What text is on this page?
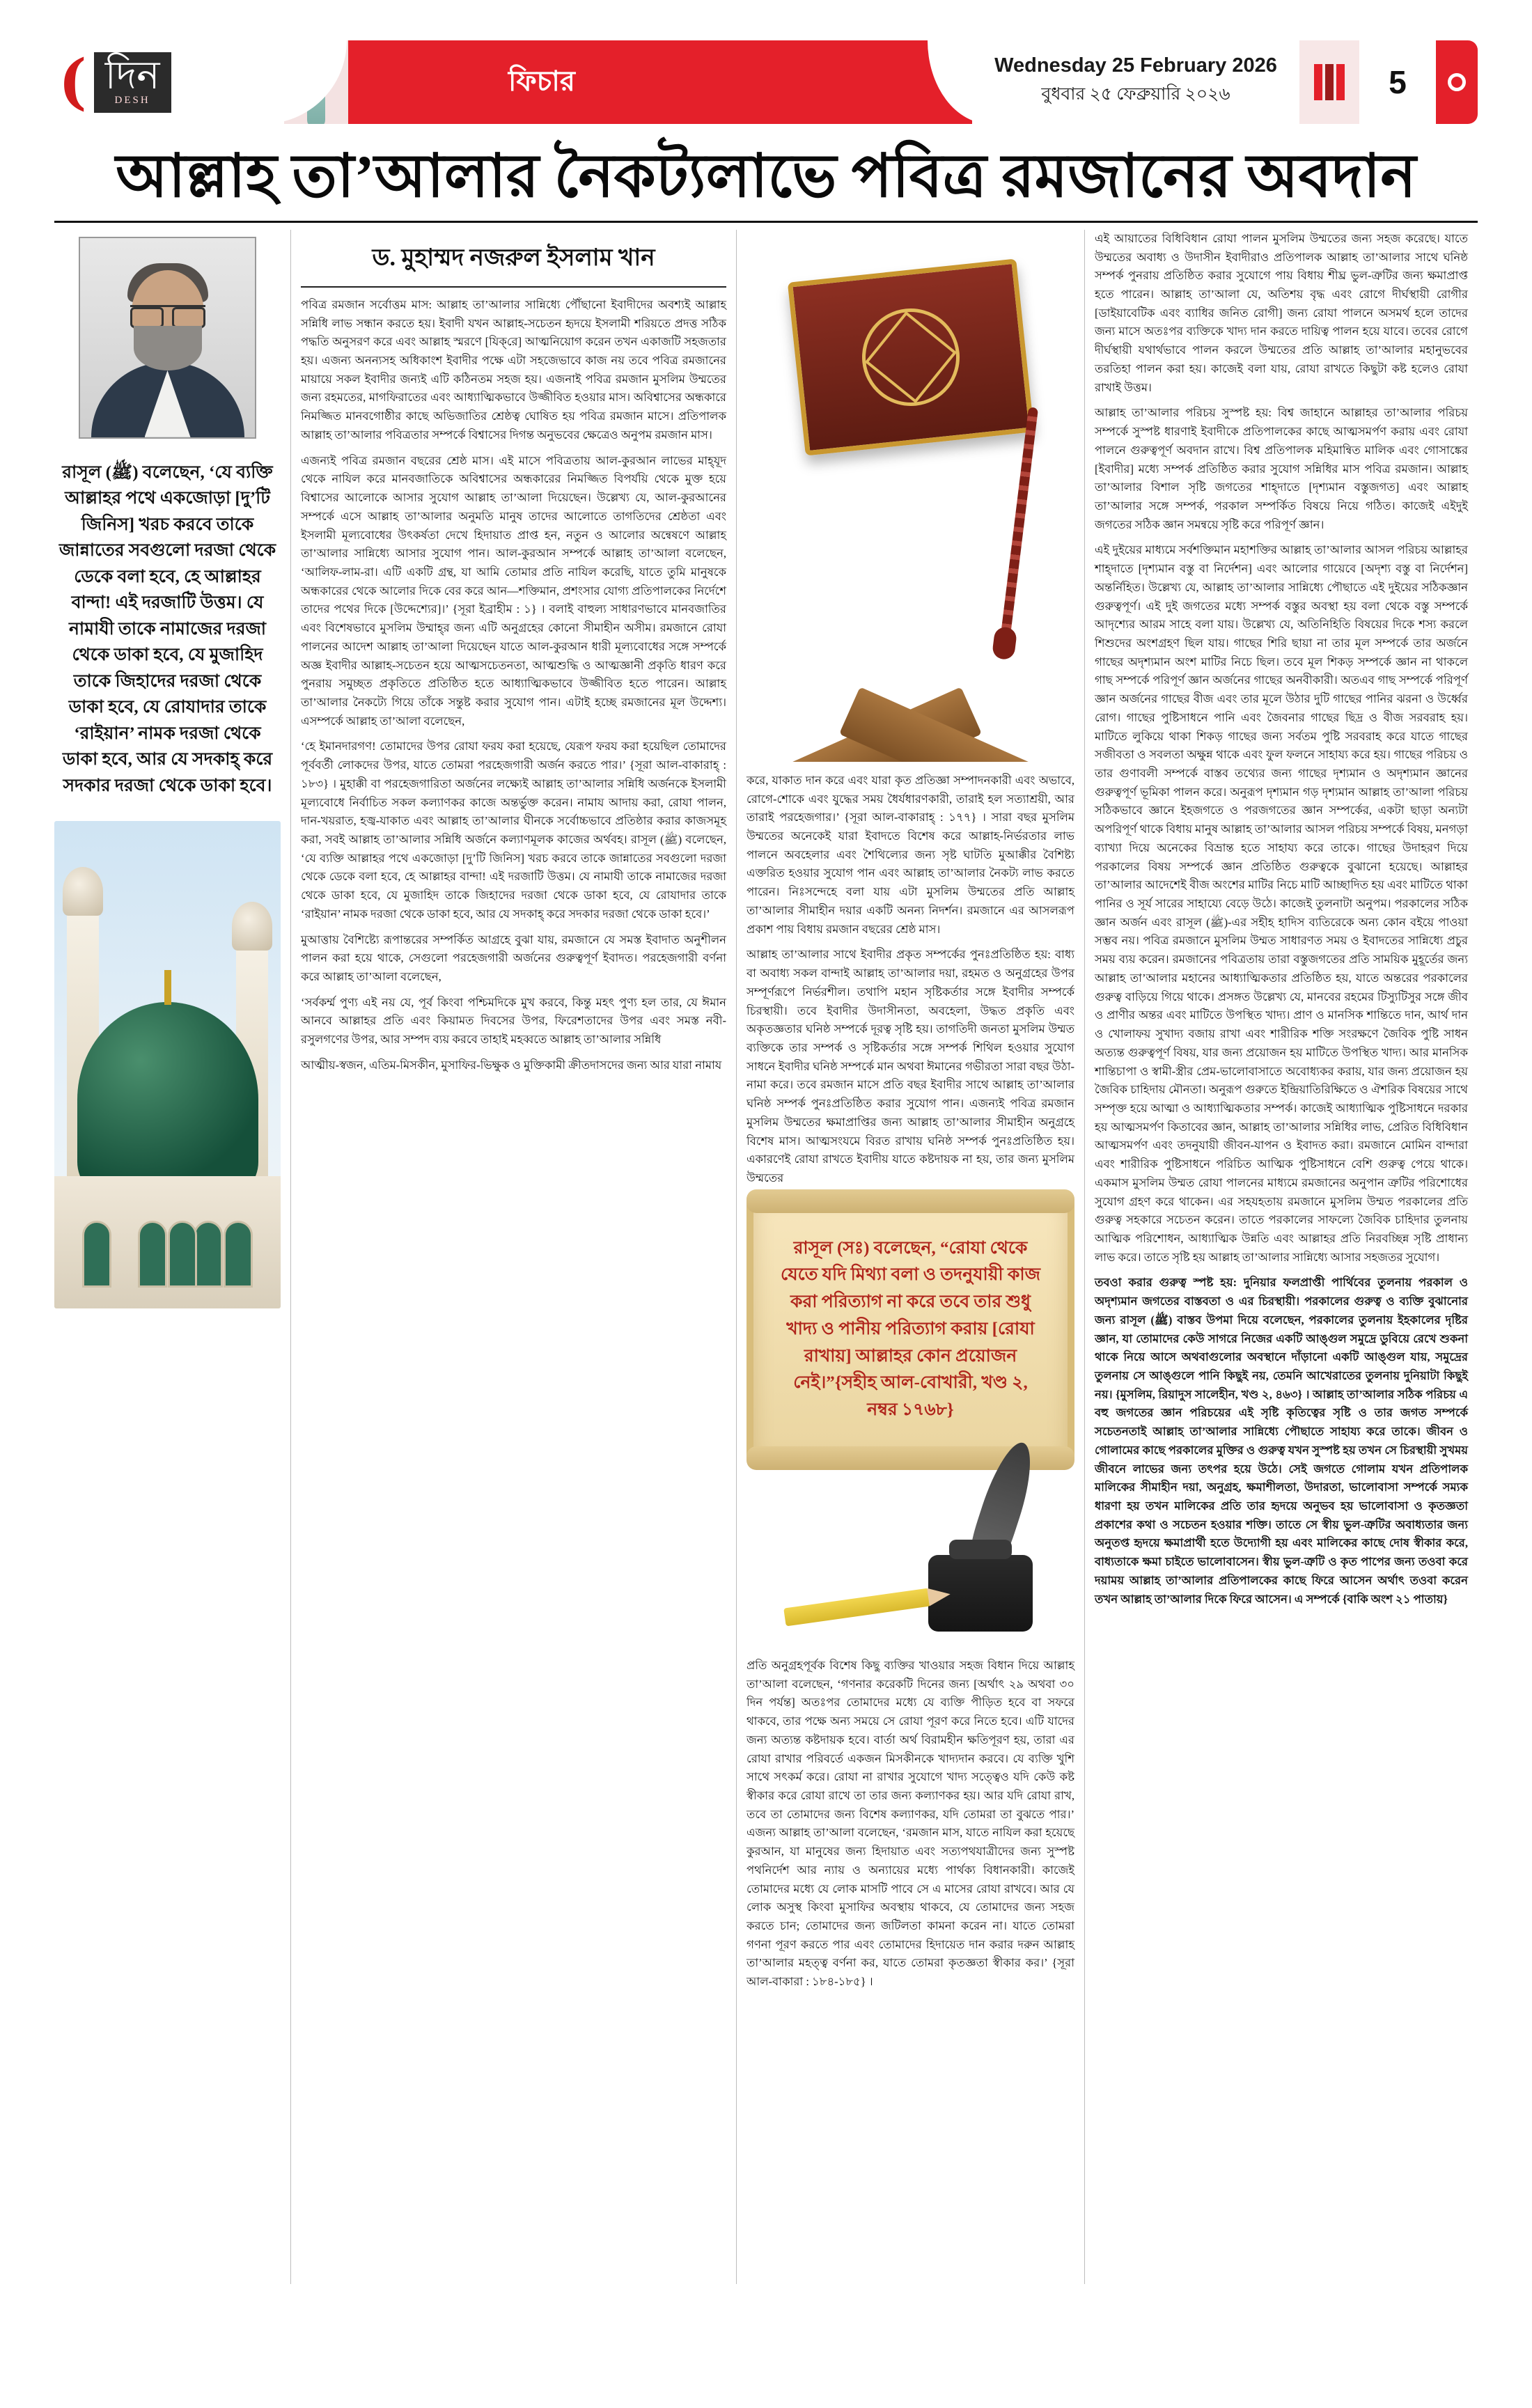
( দিন
DESH
ফিচার
Wednesday 25 February 2026
বুধবার ২৫ ফেব্রুয়ারি ২০২৬	5
আল্লাহ তা’আলার নৈকট্যলাভে পবিত্র রমজানের অবদান
রাসূল (ﷺ) বলেছেন, ‘যে ব্যক্তি আল্লাহর পথে একজোড়া [দু’টি জিনিস] খরচ করবে তাকে জান্নাতের সবগুলো দরজা থেকে ডেকে বলা হবে, হে আল্লাহর বান্দা! এই দরজাটি উত্তম। যে নামাযী তাকে নামাজের দরজা থেকে ডাকা হবে, যে মুজাহিদ তাকে জিহাদের দরজা থেকে ডাকা হবে, যে রোযাদার তাকে ‘রাইয়ান’ নামক দরজা থেকে ডাকা হবে, আর যে সদকাহ্ করে সদকার দরজা থেকে ডাকা হবে।
ড. মুহাম্মদ নজরুল ইসলাম খান

পবিত্র রমজান সর্বোত্তম মাস: আল্লাহ তা’আলার সান্নিধ্যে পৌঁছানো ইবাদীদের অবশ্যই আল্লাহ সন্নিধি লাভ সন্ধান করতে হয়। ইবাদী যখন আল্লাহ-সচেতন হৃদয়ে ইসলামী শরিয়তে প্রদত্ত সঠিক পদ্ধতি অনুসরণ করে এবং আল্লাহ স্মরণে [যিক্‌রে] আত্মনিয়োগ করেন তখন একাজটি সহজতার হয়। এজন্য অনন্যসহ অধিকাংশ ইবাদীর পক্ষে এটা সহজেভাবে কাজ নয় তবে পবিত্র রমজানের মায়ায়ে সকল ইবাদীর জন্যই এটি কঠিনতম সহজ হয়। এজনাই পবিত্র রমজান মুসলিম উম্মতের জন্য রহমতের, মাগফিরাতের এবং আধ্যাত্মিকভাবে উজ্জীবিত হওয়ার মাস। অবিশ্বাসের অন্ধকারে নিমজ্জিত মানবগোষ্ঠীর কাছে অভিজাতির শ্রেষ্ঠত্ব ঘোষিত হয় পবিত্র রমজান মাসে। প্রতিপালক আল্লাহ তা’আলার পবিত্রতার সম্পর্কে বিশ্বাসের দিগন্ত অনুভবের ক্ষেত্রেও অনুপম রমজান মাস।

এজন্যই পবিত্র রমজান বছরের শ্রেষ্ঠ মাস। এই মাসে পবিত্রতায় আল-কুরআন লাভের মাহ্‌যূদ থেকে নাযিল করে মানবজাতিকে অবিশ্বাসের অন্ধকারের নিমজ্জিত বিপর্যয়ি থেকে মুক্ত হয়ে বিশ্বাসের আলোকে আসার সুযোগ আল্লাহ তা’আলা দিয়েছেন। উল্লেখ্য যে, আল-কুরআনের সম্পর্কে এসে আল্লাহ তা’আলার অনুমতি মানুষ তাদের আলোতে তাগতিদের শ্রেষ্ঠতা এবং ইসলামী মূল্যবোধের উৎকর্ষতা দেখে হিদায়াত প্রাপ্ত হন, নতুন ও আলোর অন্বেষণে আল্লাহ তা’আলার সান্নিধ্যে আসার সুযোগ পান। আল-কুরআন সম্পর্কে আল্লাহ তা’আলা বলেছেন, ‘আলিফ-লাম-রা। এটি একটি গ্রন্থ, যা আমি তোমার প্রতি নাযিল করেছি, যাতে তুমি মানুষকে অন্ধকারের থেকে আলোর দিকে বের করে আন—শক্তিমান, প্রশংসার যোগ্য প্রতিপালকের নির্দেশে তাদের পথের দিকে [উদ্দেশ্যের]।’ {সূরা ইব্রাহীম : ১} । বলাই বাহুল্য সাধারণভাবে মানবজাতির এবং বিশেষভাবে মুসলিম উম্মাহ্‌র জন্য এটি অনুগ্রহের কোনো সীমাহীন অসীম। রমজানে রোযা পালনের আদেশ আল্লাহ তা’আলা দিয়েছেন যাতে আল-কুরআন ধারী মূল্যবোধের সঙ্গে সম্পর্কে অজ্ঞ ইবাদীর আল্লাহ-সচেতন হয়ে আত্মসচেতনতা, আত্মশুদ্ধি ও আত্মজ্ঞানী প্রকৃতি ধারণ করে পুনরায় সমুচ্ছত প্রকৃতিতে প্রতিষ্ঠিত হতে আধ্যাত্মিকভাবে উজ্জীবিত হতে পারেন। আল্লাহ তা’আলার নৈকট্যে গিয়ে তাঁকে সন্তুষ্ট করার সুযোগ পান। এটাই হচ্ছে রমজানের মূল উদ্দেশ্য। এসম্পর্কে আল্লাহ তা’আলা বলেছেন,

‘হে ইমানদারগণ! তোমাদের উপর রোযা ফরয করা হয়েছে, যেরূপ ফরয করা হয়েছিল তোমাদের পূর্ববর্তী লোকদের উপর, যাতে তোমরা পরহেজগারী অর্জন করতে পার।’ {সূরা আল-বাকারাহ্ : ১৮৩} । মুহাক্কী বা পরহেজগারিতা অর্জনের লক্ষ্যেই আল্লাহ তা’আলার সন্নিধি অর্জনকে ইসলামী মূল্যবোধে নির্বাচিত সকল কল্যাণকর কাজে অন্তর্ভুক্ত করেন। নামায আদায় করা, রোযা পালন, দান-খয়রাত, হজ্ব-যাকাত এবং আল্লাহ তা’আলার ঘীনকে সর্বোচ্চভাবে প্রতিষ্ঠার করার কাজসমূহ করা, সবই আল্লাহ তা’আলার সন্নিধি অর্জনে কল্যাণমূলক কাজের অর্থবহ। রাসূল (ﷺ) বলেছেন, ‘যে ব্যক্তি আল্লাহর পথে একজোড়া [দু’টি জিনিস] খরচ করবে তাকে জান্নাতের সবগুলো দরজা থেকে ডেকে বলা হবে, হে আল্লাহর বান্দা! এই দরজাটি উত্তম। যে নামাযী তাকে নামাজের দরজা থেকে ডাকা হবে, যে মুজাহিদ তাকে জিহাদের দরজা থেকে ডাকা হবে, যে রোযাদার তাকে ‘রাইয়ান’ নামক দরজা থেকে ডাকা হবে, আর যে সদকাহ্ করে সদকার দরজা থেকে ডাকা হবে।’

মুআত্তায় বৈশিষ্ট্যে রূপান্তরের সম্পর্কিত আগ্রহে বুঝা যায়, রমজানে যে সমস্ত ইবাদাত অনুশীলন পালন করা হয়ে থাকে, সেগুলো পরহেজগারী অর্জনের গুরুত্বপূর্ণ ইবাদত। পরহেজগারী বর্ণনা করে আল্লাহ তা’আলা বলেছেন,

‘সর্বকর্ম্ম পুণ্য এই নয় যে, পূর্ব কিংবা পশ্চিমদিকে মুখ করবে, কিন্তু মহৎ পুণ্য হল তার, যে ঈমান আনবে আল্লাহর প্রতি এবং কিয়ামত দিবসের উপর, ফিরেশতাদের উপর এবং সমস্ত নবী-রসুলগণের উপর, আর সম্পদ ব্যয় করবে তাহাই মহব্বতে আল্লাহ তা’আলার সন্নিধি

আত্মীয়-স্বজন, এতিম-মিসকীন, মুসাফির-ভিক্ষুক ও মুক্তিকামী ক্রীতদাসদের জন্য আর যারা নামায

করে, যাকাত দান করে এবং যারা কৃত প্রতিজ্ঞা সম্পাদনকারী এবং অভাবে, রোগে-শোকে এবং যুদ্ধের সময় ধৈর্যধারণকারী, তারাই হল সত্যাশ্রয়ী, আর তারাই পরহেজগার।’ {সূরা আল-বাকারাহ্ : ১৭৭} । সারা বছর মুসলিম উম্মতের অনেকেই যারা ইবাদতে বিশেষ করে আল্লাহ-নির্ভরতার লাভ পালনে অবহেলার এবং শৈথিল্যের জন্য সৃষ্ট ঘাটতি মুআক্কীর বৈশিষ্ট্য এক্তরিত হওয়ার সুযোগ পান এবং আল্লাহ তা’আলার নৈকট্য লাভ করতে পারেন। নিঃসন্দেহে বলা যায় এটা মুসলিম উম্মতের প্রতি আল্লাহ তা’আলার সীমাহীন দয়ার একটি অনন্য নিদর্শন। রমজানে এর আসলরূপ প্রকাশ পায় বিধায় রমজান বছরের শ্রেষ্ঠ মাস।

আল্লাহ তা’আলার সাথে ইবাদীর প্রকৃত সম্পর্কের পুনঃপ্রতিষ্ঠিত হয়: বাধ্য বা অবাধ্য সকল বান্দাই আল্লাহ তা’আলার দয়া, রহমত ও অনুগ্রহের উপর সম্পূর্ণরূপে নির্ভরশীল। তথাপি মহান সৃষ্টিকর্তার সঙ্গে ইবাদীর সম্পর্কে চিরস্থায়ী। তবে ইবাদীর উদাসীনতা, অবহেলা, উদ্ধত প্রকৃতি এবং অকৃতজ্ঞতার ঘনিষ্ঠ সম্পর্কে দূরত্ব সৃষ্টি হয়। তাগতিদী জনতা মুসলিম উম্মত ব্যক্তিকে তার সম্পর্ক ও সৃষ্টিকর্তার সঙ্গে সম্পর্ক শিথিল হওয়ার সুযোগ সাধনে ইবাদীর ঘনিষ্ঠ সম্পর্কে মান অথবা ঈমানের গভীরতা সারা বছর উঠা-নামা করে। তবে রমজান মাসে প্রতি বছর ইবাদীর সাথে আল্লাহ তা’আলার ঘনিষ্ঠ সম্পর্ক পুনঃপ্রতিষ্ঠিত করার সুযোগ পান। এজন্যই পবিত্র রমজান মুসলিম উম্মতের ক্ষমাপ্রাপ্তির জন্য আল্লাহ তা’আলার সীমাহীন অনুগ্রহে বিশেষ মাস। আত্মসংযমে বিরত রাখায় ঘনিষ্ঠ সম্পর্ক পুনঃপ্রতিষ্ঠিত হয়। একারণেই রোযা রাখতে ইবাদীয় যাতে কষ্টদায়ক না হয়, তার জন্য মুসলিম উম্মতের

রাসূল (সঃ) বলেছেন, “রোযা থেকে যেতে যদি মিথ্যা বলা ও তদনুযায়ী কাজ করা পরিত্যাগ না করে তবে তার শুধু খাদ্য ও পানীয় পরিত্যাগ করায় [রোযা রাখায়] আল্লাহর কোন প্রয়োজন নেই।”{সহীহ আল-বোখারী, খণ্ড ২, নম্বর ১৭৬৮}

প্রতি অনুগ্রহপূর্বক বিশেষ কিছু ব্যক্তির খাওয়ার সহজ বিধান দিয়ে আল্লাহ তা’আলা বলেছেন, ‘গণনার করেকটি দিনের জন্য [অর্থাৎ ২৯ অথবা ৩০ দিন পর্যন্ত] অতঃপর তোমাদের মধ্যে যে ব্যক্তি পীড়িত হবে বা সফরে থাকবে, তার পক্ষে অন্য সময়ে সে রোযা পূরণ করে নিতে হবে। এটি যাদের জন্য অত্যন্ত কষ্টদায়ক হবে। বার্তা অর্থ বিরামহীন ক্ষতিপূরণ হয়, তারা এর রোযা রাখার পরিবর্তে একজন মিসকীনকে খাদ্যদান করবে। যে ব্যক্তি খুশি সাথে সৎকর্ম করে। রোযা না রাখার সুযোগে খাদ্য সত্ত্বেও যদি কেউ কষ্ট স্বীকার করে রোযা রাখে তা তার জন্য কল্যাণকর হয়। আর যদি রোযা রাখ, তবে তা তোমাদের জন্য বিশেষ কল্যাণকর, যদি তোমরা তা বুঝতে পার।’ এজন্য আল্লাহ তা’আলা বলেছেন, ‘রমজান মাস, যাতে নাযিল করা হয়েছে কুরআন, যা মানুষের জন্য হিদায়াত এবং সত্যপথযাত্রীদের জন্য সুস্পষ্ট পথনির্দেশ আর ন্যায় ও অন্যায়ের মধ্যে পার্থক্য বিধানকারী। কাজেই তোমাদের মধ্যে যে লোক মাসটি পাবে সে এ মাসের রোযা রাখবে। আর যে লোক অসুস্থ কিংবা মুসাফির অবস্থায় থাকবে, যে তোমাদের জন্য সহজ করতে চান; তোমাদের জন্য জটিলতা কামনা করেন না। যাতে তোমরা গণনা পূরণ করতে পার এবং তোমাদের হিদায়েত দান করার দরুন আল্লাহ তা’আলার মহত্ত্ব বর্ণনা কর, যাতে তোমরা কৃতজ্ঞতা স্বীকার কর।’ {সূরা আল-বাকারা : ১৮৪-১৮৫} ।

এই আয়াতের বিধিবিধান রোযা পালন মুসলিম উম্মতের জন্য সহজ করেছে। যাতে উম্মতের অবাধ্য ও উদাসীন ইবাদীরাও প্রতিপালক আল্লাহ তা’আলার সাথে ঘনিষ্ঠ সম্পর্ক পুনরায় প্রতিষ্ঠিত করার সুযোগে পায় বিধায় শীঘ্র ভুল-ত্রুটির জন্য ক্ষমাপ্রাপ্ত হতে পারেন। আল্লাহ তা’আলা যে, অতিশয় বৃদ্ধ এবং রোগে দীর্ঘস্থায়ী রোগীর [ডাইয়াবেটিক এবং ব্যাধির জনিত রোগী] জন্য রোযা পালনে অসমর্থ হলে তাদের জন্য মাসে অতঃপর ব্যক্তিকে খাদ্য দান করতে দায়িত্ব পালন হয়ে যাবে। তবের রোগে দীর্ঘস্থায়ী যথার্থভাবে পালন করলে উম্মতের প্রতি আল্লাহ তা’আলার মহানুভবের তরতিহা পালন করা হয়। কাজেই বলা যায়, রোযা রাখতে কিছুটা কষ্ট হলেও রোযা রাখাই উত্তম।

আল্লাহ তা’আলার পরিচয় সুস্পষ্ট হয়: বিশ্ব জাহানে আল্লাহর তা’আলার পরিচয় সম্পর্কে সুস্পষ্ট ধারণাই ইবাদীকে প্রতিপালকের কাছে আত্মসমর্পণ করায় এবং রোযা পালনে গুরুত্বপূর্ণ অবদান রাখে। বিশ্ব প্রতিপালক মহিমান্বিত মালিক এবং গোসাঙ্কের [ইবাদীর] মধ্যে সম্পর্ক প্রতিষ্ঠিত করার সুযোগ সন্নিধির মাস পবিত্র রমজান। আল্লাহ তা’আলার বিশাল সৃষ্টি জগতের শাহ্‌দাতে [দৃশ্যমান বস্তুজগত] এবং আল্লাহ তা’আলার সঙ্গে সম্পর্ক, পরকাল সম্পর্কিত বিষয়ে নিয়ে গঠিত। কাজেই এইদুই জগতের সঠিক জ্ঞান সমন্বয়ে সৃষ্টি করে পরিপূর্ণ জ্ঞান।

এই দুইয়ের মাধ্যমে সর্বশক্তিমান মহাশক্তির আল্লাহ তা’আলার আসল পরিচয় আল্লাহর শাহ্‌দাতে [দৃশ্যমান বস্তু বা নির্দেশন] এবং আলোর গায়েবে [অদৃশ্য বস্তু বা নির্দেশন] অন্তর্নিহিত। উল্লেখ্য যে, আল্লাহ তা’আলার সান্নিধ্যে পৌছাতে এই দুইয়ের সঠিকজ্ঞান গুরুত্বপূর্ণ। এই দুই জগতের মধ্যে সম্পর্ক বস্তুর অবস্থা হয় বলা থেকে বস্তু সম্পর্কে আদৃশ্যের আরম সাহে বলা যায়। উল্লেখ্য যে, অতিনিহিতি বিষয়ের দিকে শস্য করলে শিশুদের অংশগ্রহণ ছিল যায়। গাছের শিরি ছায়া না তার মূল সম্পর্কে তার অর্জনে গাছের অদৃশ্যমান অংশ মাটির নিচে ছিল। তবে মূল শিকড় সম্পর্কে জ্ঞান না থাকলে গাছ সম্পর্কে পরিপূর্ণ জ্ঞান অর্জনের গাছের অনবীকারী। অতএব গাছ সম্পর্কে পরিপূর্ণ জ্ঞান অর্জনের গাছের বীজ এবং তার মূলে উঠার দুটি গাছের পানির ঝরনা ও উর্ধ্বের রোগ। গাছের পুষ্টিসাধনে পানি এবং জৈবনার গাছের ছিদ্র ও বীজ সরবরাহ হয়। মাটিতে লুকিয়ে থাকা শিকড় গাছের জন্য সর্বতম পুষ্টি সরবরাহ করে যাতে গাছের সজীবতা ও সবলতা অক্ষুন্ন থাকে এবং ফুল ফলনে সাহায্য করে হয়। গাছের পরিচয় ও তার গুণাবলী সম্পর্কে বাস্তব তথ্যের জন্য গাছের দৃশ্যমান ও অদৃশ্যমান জ্ঞানের গুরুত্বপূর্ণ ভূমিকা পালন করে। অনুরূপ দৃশ্যমান গড় দৃশ্যমান আল্লাহ তা’আলা পরিচয় সঠিকভাবে জ্ঞানে ইহজগতে ও পরজগতের জ্ঞান সম্পর্কের, একটা ছাড়া অন্যটা অপরিপূর্ণ থাকে বিধায় মানুষ আল্লাহ তা’আলার আসল পরিচয় সম্পর্কে বিষয়, মনগড়া ব্যাখ্যা দিয়ে অনেকের বিভ্রান্ত হতে সাহায্য করে তাকে। গাছের উদাহরণ দিয়ে পরকালের বিষয় সম্পর্কে জ্ঞান প্রতিষ্ঠিত গুরুত্বকে বুঝানো হয়েছে। আল্লাহর তা’আলার আদেশেই বীজ অংশের মাটির নিচে মাটি আচ্ছাদিত হয় এবং মাটিতে থাকা পানির ও সূর্য সারের সাহায্যে বেড়ে উঠে। কাজেই তুলনাটা অনুপম। পরকালের সঠিক জ্ঞান অর্জন এবং রাসূল (ﷺ)-এর সহীহ হাদিস ব্যতিরেকে অন্য কোন বইয়ে পাওয়া সম্ভব নয়। পবিত্র রমজানে মুসলিম উম্মত সাধারণত সময় ও ইবাদতের সান্নিধ্যে প্রচুর সময় ব্যয় করেন। রমজানের পবিত্রতায় তারা বস্তুজগতের প্রতি সাময়িক মুহূর্তের জন্য আল্লাহ তা’আলার মহানের আধ্যাত্মিকতার প্রতিষ্ঠিত হয়, যাতে অন্তরের পরকালের গুরুত্ব বাড়িয়ে গিয়ে থাকে। প্রসঙ্গত উল্লেখ্য যে, মানবের রহমের টিস্যুটিসুর সঙ্গে জীব ও প্রাণীর অন্তর এবং মাটিতে উপস্থিত খাদ্য। প্রাণ ও মানসিক শান্তিতে দান, আর্থ দান ও খোলাফয় সুখাদ্য বজায় রাখা এবং শারীরিক শক্তি সংরক্ষণে জৈবিক পুষ্টি সাধন অত্যন্ত গুরুত্বপূর্ণ বিষয়, যার জন্য প্রয়োজন হয় মাটিতে উপস্থিত খাদ্য। আর মানসিক শান্তিচাপা ও স্বামী-স্ত্রীর প্রেম-ভালোবাসাতে অবোধ্যকর করায়, যার জন্য প্রয়োজন হয় জৈবিক চাহিদায় মৌনতা। অনুরূপ গুরুতে ইন্দ্রিয়াতিরিক্ষিতে ও ঐশরিক বিষয়ের সাথে সম্পৃক্ত হয়ে আত্মা ও আধ্যাত্মিকতার সম্পর্ক। কাজেই আধ্যাত্মিক পুষ্টিসাধনে দরকার হয় আত্মসমর্পণ কিতাবের জ্ঞান, আল্লাহ তা’আলার সন্নিধির লাভ, প্রেরিত বিধিবিধান আত্মসমর্পণ এবং তদনুযায়ী জীবন-যাপন ও ইবাদত করা। রমজানে মোমিন বান্দারা এবং শারীরিক পুষ্টিসাধনে পরিচিত আত্মিক পুষ্টিসাধনে বেশি গুরুত্ব পেয়ে থাকে। একমাস মুসলিম উম্মত রোযা পালনের মাধ্যমে রমজানের অনুপান ত্রুটির পরিশোধের সুযোগ গ্রহণ করে থাকেন। এর সহযহতায় রমজানে মুসলিম উম্মত পরকালের প্রতি গুরুত্ব সহকারে সচেতন করেন। তাতে পরকালের সাফল্যে জৈবিক চাহিদার তুলনায় আত্মিক পরিশোধন, আধ্যাত্মিক উন্নতি এবং আল্লাহর প্রতি নিরবচ্ছিন্ন সৃষ্টি প্রাধান্য লাভ করে। তাতে সৃষ্টি হয় আল্লাহ তা’আলার সান্নিধ্যে আসার সহজতর সুযোগ।

তবওা করার গুরুত্ব স্পষ্ট হয়: দুনিয়ার ফলপ্রাপ্তী পার্থিবের তুলনায় পরকাল ও অদৃশ্যমান জগতের বাস্তবতা ও এর চিরস্থায়ী। পরকালের গুরুত্ব ও ব্যক্তি বুঝানোর জন্য রাসূল (ﷺ) বাস্তব উপমা দিয়ে বলেছেন, পরকালের তুলনায় ইহকালের দৃষ্টির জ্ঞান, যা তোমাদের কেউ সাগরে নিজের একটি আঙ্গুল সমুদ্রে ডুবিয়ে রেখে শুকনা থাকে নিয়ে আসে অথবাগুলোর অবস্থানে দাঁড়ানো একটি আঙ্গুল যায়, সমুদ্রের তুলনায় সে আঙ্গুলে পানি কিছুই নয়, তেমনি আখেরাতের তুলনায় দুনিয়াটা কিছুই নয়। {মুসলিম, রিয়াদুস সালেহীন, খণ্ড ২, ৪৬৩} । আল্লাহ তা’আলার সঠিক পরিচয় এ বহু জগতের জ্ঞান পরিচয়ের এই সৃষ্টি কৃতিত্বের সৃষ্টি ও তার জগত সম্পর্কে সচেতনতাই আল্লাহ তা’আলার সান্নিধ্যে পৌছাতে সাহায্য করে তাকে। জীবন ও গোলামের কাছে পরকালের মুক্তির ও গুরুত্ব যখন সুস্পষ্ট হয় তখন সে চিরস্থায়ী সুখময় জীবনে লাভের জন্য তৎপর হয়ে উঠে। সেই জগতে গোলাম যখন প্রতিপালক মালিকের সীমাহীন দয়া, অনুগ্রহ, ক্ষমাশীলতা, উদারতা, ভালোবাসা সম্পর্কে সম্যক ধারণা হয় তখন মালিকের প্রতি তার হৃদয়ে অনুভব হয় ভালোবাসা ও কৃতজ্ঞতা প্রকাশের কথা ও সচেতন হওয়ার শক্তি। তাতে সে স্বীয় ভুল-ত্রুটির অবাধ্যতার জন্য অনুতপ্ত হৃদয়ে ক্ষমাপ্রার্থী হতে উদ্যোগী হয় এবং মালিকের কাছে দোষ স্বীকার করে, বাধ্যতাকে ক্ষমা চাইতে ভালোবাসেন। স্বীয় ভুল-ত্রুটি ও কৃত পাপের জন্য তওবা করে দয়াময় আল্লাহ তা’আলার প্রতিপালকের কাছে ফিরে আসেন অর্থাৎ তওবা করেন তখন আল্লাহ তা’আলার দিকে ফিরে আসেন। এ সম্পর্কে {বাকি অংশ ২১ পাতায়}
